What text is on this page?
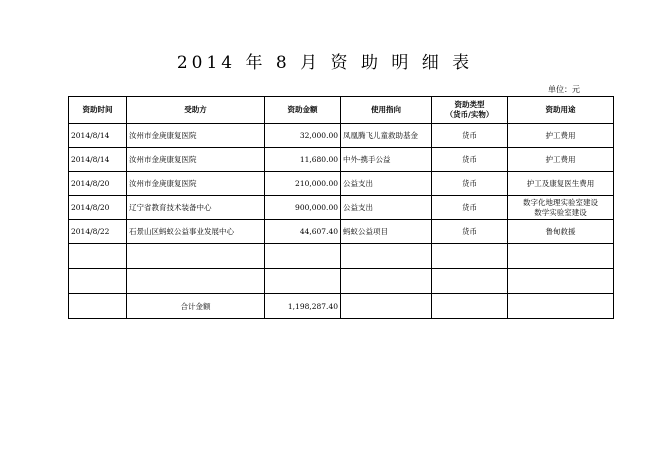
2014 年 8 月 资 助 明 细 表
单位：元
资助时间	受助方	资助金额	使用指向	资助类型
（货币/实物）	资助用途
2014/8/14	汝州市金庚康复医院	32,000.00	凤凰腾飞儿童救助基金	货币	护工费用

2014/8/14	汝州市金庚康复医院	11,680.00	中外-携手公益	货币	护工费用

2014/8/20	汝州市金庚康复医院	210,000.00	公益支出	货币	护工及康复医生费用

2014/8/20	辽宁省教育技术装备中心	900,000.00	公益支出	货币	数字化地理实验室建设
数学实验室建设

2014/8/22	石景山区蚂蚁公益事业发展中心	44,607.40	蚂蚁公益项目	货币	鲁甸救援

	合计金额	1,198,287.40			
